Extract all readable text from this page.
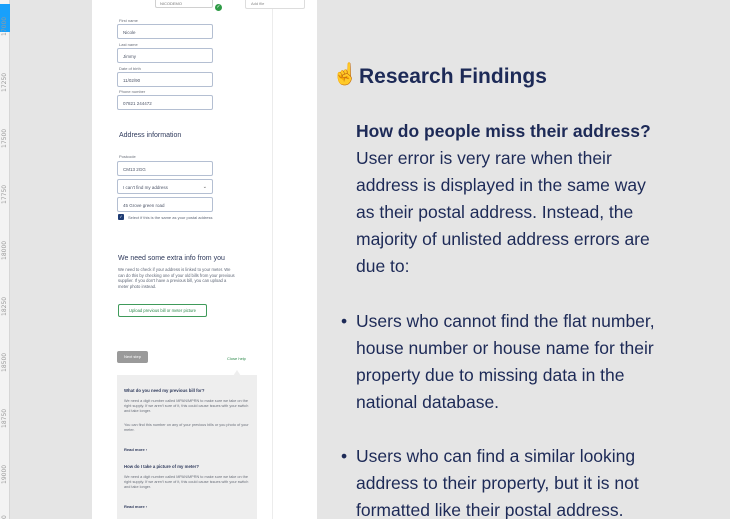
17000
17250
17500
17750
18000
18250
18500
18750
19000
0
NICODEMO
✓
Add file
First name
Nicole
Last name
Jimmy
Date of birth
11/02/90
Phone number
07821 244472
Address information
Postcode
CM13 2GG
I can't find my address	⌄
45 Grove green road
✓	Select if this is the same as your postal address
We need some extra info from you

We need to check if your address is linked to your meter. We can do this by checking one of your old bills from your previous supplier. If you don't have a previous bill, you can upload a meter photo instead.

Upload previous bill or meter picture
Next step	Close help
What do you need my previous bill for?

We need a digit number called MPAN/MPRN to make sure we take on the right supply. If we aren't sure of it, this could cause issues with your switch and take longer.

You can find this number on any of your previous bills or you photo of your meter.

Read more ›
How do I take a picture of my meter?

We need a digit number called MPAN/MPRN to make sure we take on the right supply. If we aren't sure of it, this could cause issues with your switch and take longer.

Read more ›
☝ Research Findings
How do people miss their address?
User error is very rare when their
address is displayed in the same way
as their postal address. Instead, the
majority of unlisted address errors are
due to:
• Users who cannot find the flat number,
house number or house name for their
property due to missing data in the
national database.
• Users who can find a similar looking
address to their property, but it is not
formatted like their postal address.
